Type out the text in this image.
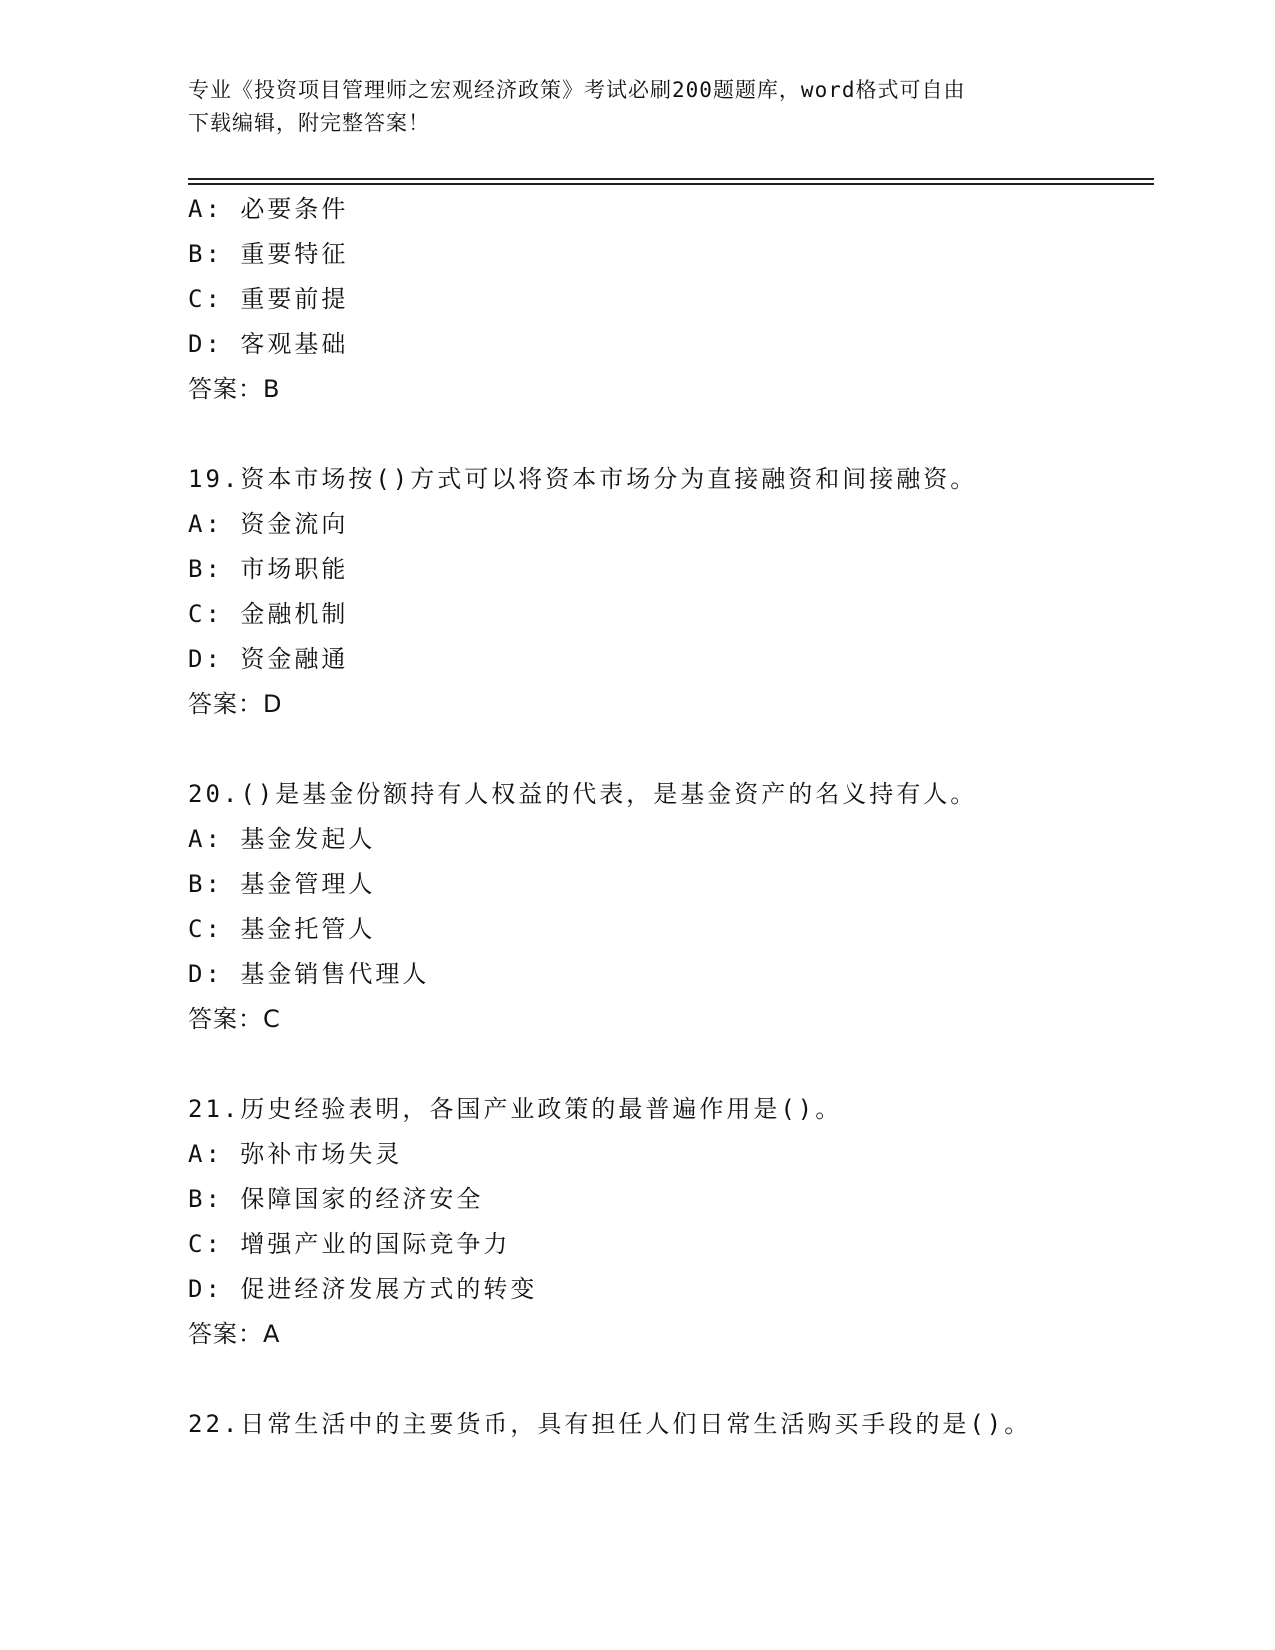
专业《投资项目管理师之宏观经济政策》考试必刷200题题库，word格式可自由
下载编辑，附完整答案！
A: 必要条件
B: 重要特征
C: 重要前提
D: 客观基础
答案：B
19.资本市场按()方式可以将资本市场分为直接融资和间接融资。
A: 资金流向
B: 市场职能
C: 金融机制
D: 资金融通
答案：D
20.()是基金份额持有人权益的代表，是基金资产的名义持有人。
A: 基金发起人
B: 基金管理人
C: 基金托管人
D: 基金销售代理人
答案：C
21.历史经验表明，各国产业政策的最普遍作用是()。
A: 弥补市场失灵
B: 保障国家的经济安全
C: 增强产业的国际竞争力
D: 促进经济发展方式的转变
答案：A
22.日常生活中的主要货币，具有担任人们日常生活购买手段的是()。
